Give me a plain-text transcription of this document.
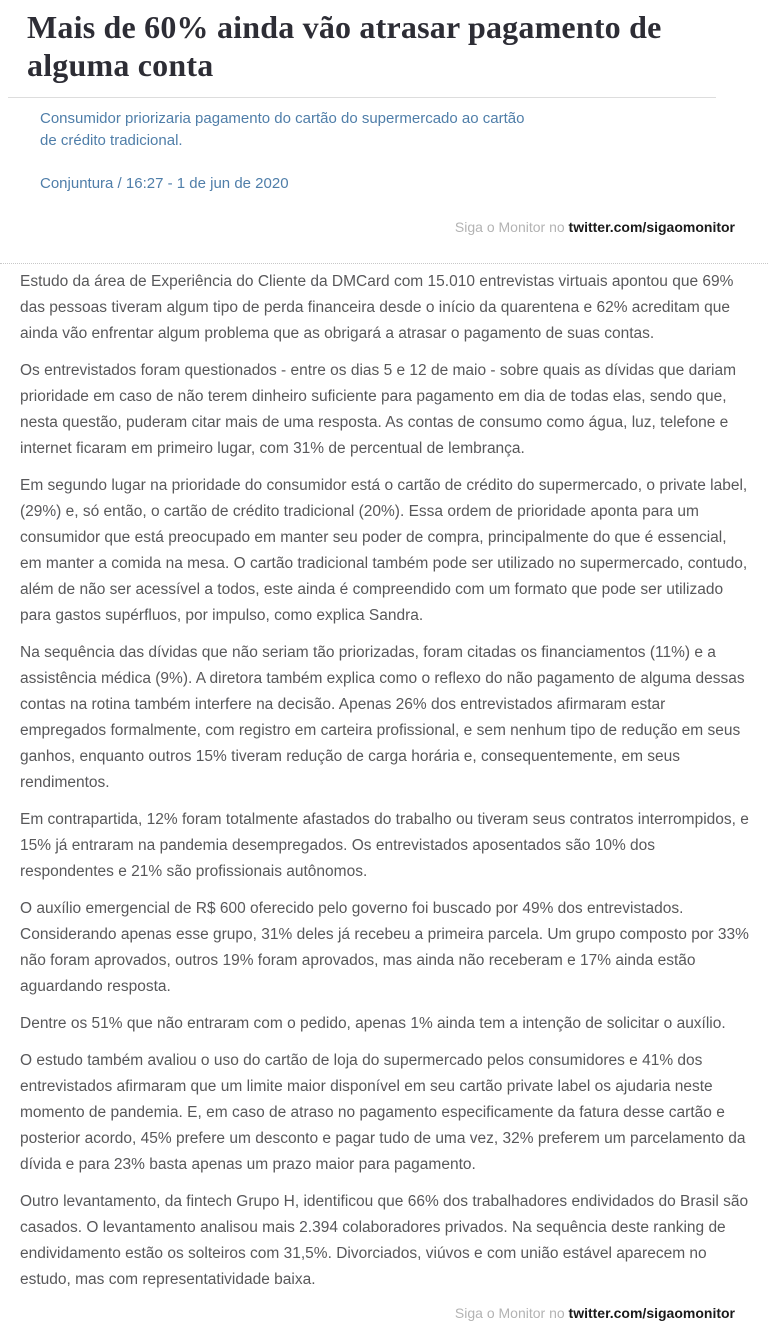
Mais de 60% ainda vão atrasar pagamento de alguma conta
Consumidor priorizaria pagamento do cartão do supermercado ao cartão de crédito tradicional.
Conjuntura / 16:27 - 1 de jun de 2020
Siga o Monitor no twitter.com/sigaomonitor

Estudo da área de Experiência do Cliente da DMCard com 15.010 entrevistas virtuais apontou que 69% das pessoas tiveram algum tipo de perda financeira desde o início da quarentena e 62% acreditam que ainda vão enfrentar algum problema que as obrigará a atrasar o pagamento de suas contas.

Os entrevistados foram questionados - entre os dias 5 e 12 de maio - sobre quais as dívidas que dariam prioridade em caso de não terem dinheiro suficiente para pagamento em dia de todas elas, sendo que, nesta questão, puderam citar mais de uma resposta. As contas de consumo como água, luz, telefone e internet ficaram em primeiro lugar, com 31% de percentual de lembrança.

Em segundo lugar na prioridade do consumidor está o cartão de crédito do supermercado, o private label, (29%) e, só então, o cartão de crédito tradicional (20%). Essa ordem de prioridade aponta para um consumidor que está preocupado em manter seu poder de compra, principalmente do que é essencial, em manter a comida na mesa. O cartão tradicional também pode ser utilizado no supermercado, contudo, além de não ser acessível a todos, este ainda é compreendido com um formato que pode ser utilizado para gastos supérfluos, por impulso, como explica Sandra.

Na sequência das dívidas que não seriam tão priorizadas, foram citadas os financiamentos (11%) e a assistência médica (9%). A diretora também explica como o reflexo do não pagamento de alguma dessas contas na rotina também interfere na decisão. Apenas 26% dos entrevistados afirmaram estar empregados formalmente, com registro em carteira profissional, e sem nenhum tipo de redução em seus ganhos, enquanto outros 15% tiveram redução de carga horária e, consequentemente, em seus rendimentos.

Em contrapartida, 12% foram totalmente afastados do trabalho ou tiveram seus contratos interrompidos, e 15% já entraram na pandemia desempregados. Os entrevistados aposentados são 10% dos respondentes e 21% são profissionais autônomos.

O auxílio emergencial de R$ 600 oferecido pelo governo foi buscado por 49% dos entrevistados. Considerando apenas esse grupo, 31% deles já recebeu a primeira parcela. Um grupo composto por 33% não foram aprovados, outros 19% foram aprovados, mas ainda não receberam e 17% ainda estão aguardando resposta.

Dentre os 51% que não entraram com o pedido, apenas 1% ainda tem a intenção de solicitar o auxílio.

O estudo também avaliou o uso do cartão de loja do supermercado pelos consumidores e 41% dos entrevistados afirmaram que um limite maior disponível em seu cartão private label os ajudaria neste momento de pandemia. E, em caso de atraso no pagamento especificamente da fatura desse cartão e posterior acordo, 45% prefere um desconto e pagar tudo de uma vez, 32% preferem um parcelamento da dívida e para 23% basta apenas um prazo maior para pagamento.

Outro levantamento, da fintech Grupo H, identificou que 66% dos trabalhadores endividados do Brasil são casados. O levantamento analisou mais 2.394 colaboradores privados. Na sequência deste ranking de endividamento estão os solteiros com 31,5%. Divorciados, viúvos e com união estável aparecem no estudo, mas com representatividade baixa.

Siga o Monitor no twitter.com/sigaomonitor
